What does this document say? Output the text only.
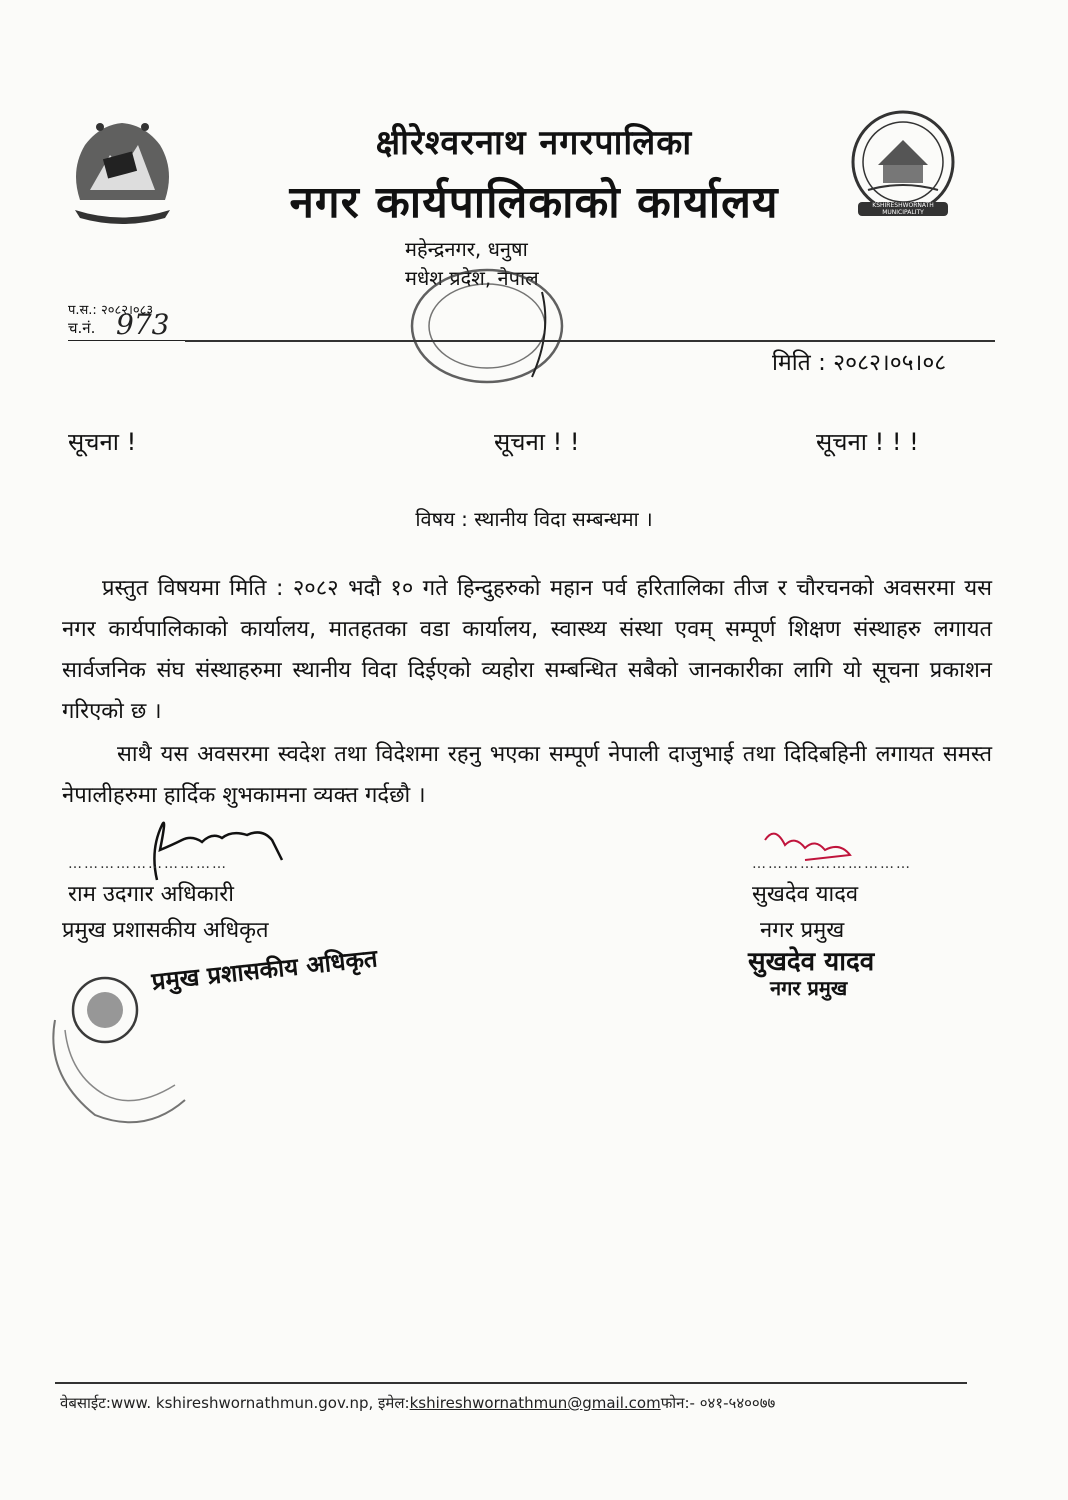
क्षीरेश्वरनाथ नगरपालिका
नगर कार्यपालिकाको कार्यालय	KSHIRESHWORNATH MUNICIPALITY
महेन्द्रनगर, धनुषा
मधेश प्रदेश, नेपाल
प.स.: २०८२।०८३
च.नं. 973
मिति : २०८२।०५।०८
सूचना !	सूचना ! !	सूचना ! ! !
विषय : स्थानीय विदा सम्बन्धमा ।
प्रस्तुत विषयमा मिति : २०८२ भदौ १० गते हिन्दुहरुको महान पर्व हरितालिका तीज र चौरचनको अवसरमा यस नगर कार्यपालिकाको कार्यालय, मातहतका वडा कार्यालय, स्वास्थ्य संस्था एवम् सम्पूर्ण शिक्षण संस्थाहरु लगायत सार्वजनिक संघ संस्थाहरुमा स्थानीय विदा दिईएको व्यहोरा सम्बन्धित सबैको जानकारीका लागि यो सूचना प्रकाशन गरिएको छ ।
साथै यस अवसरमा स्वदेश तथा विदेशमा रहनु भएका सम्पूर्ण नेपाली दाजुभाई तथा दिदिबहिनी लगायत समस्त नेपालीहरुमा हार्दिक शुभकामना व्यक्त गर्दछौ ।
…………………………
राम उदगार अधिकारी
प्रमुख प्रशासकीय अधिकृत
प्रमुख प्रशासकीय अधिकृत
…………………………
सुखदेव यादव
नगर प्रमुख
सुखदेव यादव
नगर प्रमुख
वेबसाईट:www. kshireshwornathmun.gov.np, इमेल:kshireshwornathmun@gmail.comफोन:- ०४१-५४००७७
